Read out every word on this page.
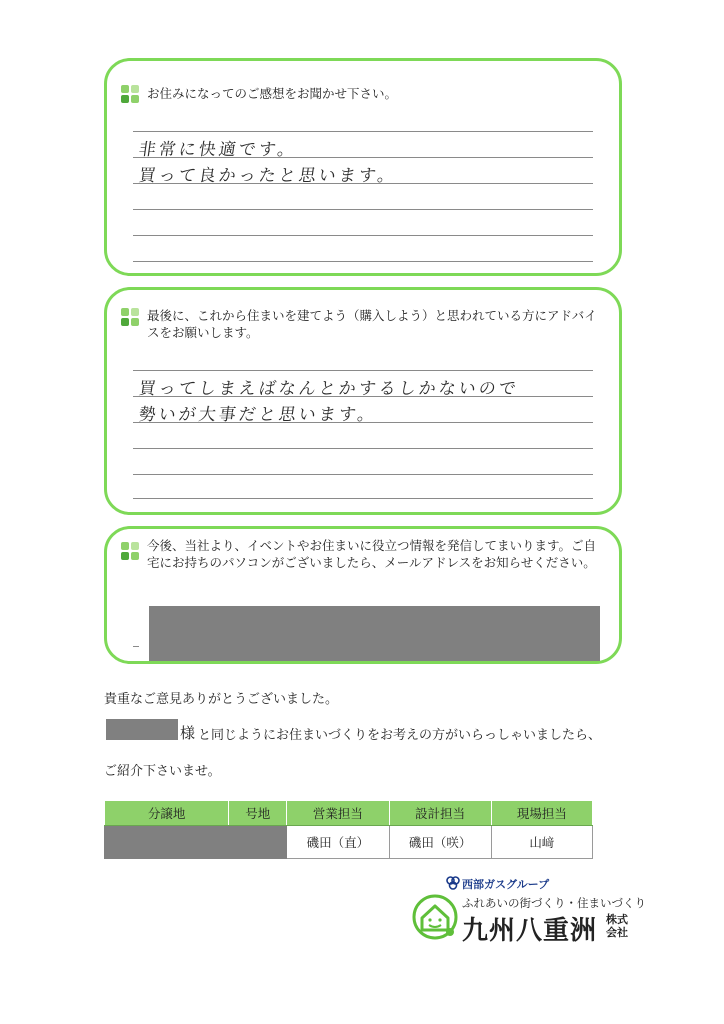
お住みになってのご感想をお聞かせ下さい。
非常に快適です。
買って良かったと思います。
最後に、これから住まいを建てよう（購入しよう）と思われている方にアドバイスをお願いします。
買ってしまえばなんとかするしかないので
勢いが大事だと思います。
今後、当社より、イベントやお住まいに役立つ情報を発信してまいります。ご自宅にお持ちのパソコンがございましたら、メールアドレスをお知らせください。
貴重なご意見ありがとうございました。
様 と同じようにお住まいづくりをお考えの方がいらっしゃいましたら、
ご紹介下さいませ。
分譲地	号地	営業担当	設計担当	現場担当
		磯田（直）	磯田（咲）	山﨑
西部ガスグループ
ふれあいの街づくり・住まいづくり
九州八重洲 株式会社
